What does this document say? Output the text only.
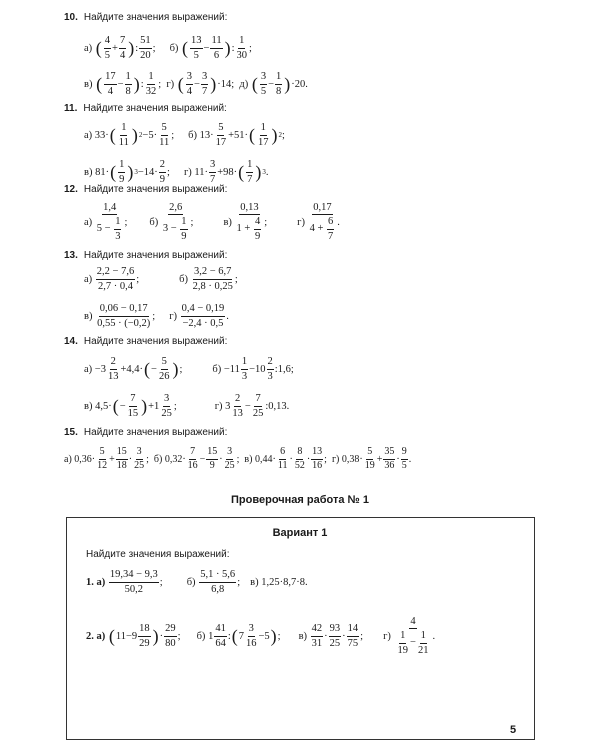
10. Найдите значения выражений:
а)
( $\frac{4}{5} + \frac{7}{4}$ ) : $\frac{51}{20}$ ; б)
( $\frac{13}{5} - \frac{11}{6}$ ) : $\frac{1}{30}$ ;
в)
( $\frac{17}{4} - \frac{1}{8}$ ) : $\frac{1}{32}$ ; г)
( $\frac{3}{4} - \frac{3}{7}$ ) ·14; д)
( $\frac{3}{5} - \frac{1}{8}$ ) ·20.
11. Найдите значения выражений:
а) 33· ( $\frac{1}{11}$ ) $2 -5\cdot \frac{5}{11}$ ; б) $13\cdot \frac{5}{17} +51\cdot$ ( $\frac{1}{17}$ ) 2 ;
в) 81· ( $\frac{1}{9}$ ) $3 -14\cdot \frac{2}{9}$ ; г) $11\cdot \frac{3}{7} +98\cdot$ ( $\frac{1}{7}$ ) 3 .
12. Найдите значения выражений:
а)
$\frac{1,4}{5 - \frac{1}{3}}$ ; б)
$\frac{2,6}{3 - \frac{1}{9}}$ ;	в)
$\frac{0,13}{1 + \frac{4}{9}}$ ;	г)
$\frac{0,17}{4 + \frac{6}{7}}$ .
13. Найдите значения выражений:
а)
$\frac{2,2 - 7,6}{2,7 \cdot 0,4}$ ;	б)
$\frac{3,2 - 6,7}{2,8 \cdot 0,25}$ ;
в)
$\frac{0,06 - 0,17}{0,55 \cdot (-0,2)}$ ; г)
$\frac{0,4 - 0,19}{-2,4 \cdot 0,5}$ .
14. Найдите значения выражений:
$а) -3 \frac{2}{13} +4,4\cdot$ ( − $\frac{5}{26}$ ) ;	$б) -11 \frac{1}{3} -10 \frac{2}{3}$ :1,6;
в) 4,5· ( − $\frac{7}{15}$ ) $+1 \frac{3}{25}$ ;	г) $3 \frac{2}{13} - \frac{7}{25}$ :0,13.
15. Найдите значения выражений:
а) $0,36\cdot \frac{5}{12} + \frac{15}{18} \cdot \frac{3}{25}$ ; б) $0,32\cdot \frac{7}{16} - \frac{15}{9} \cdot \frac{3}{25}$ ; в) $0,44\cdot \frac{6}{11} \cdot \frac{8}{52} \cdot \frac{13}{16}$ ; г) $0,38\cdot \frac{5}{19} + \frac{35}{36} \cdot \frac{9}{5}$ .
Проверочная работа № 1
Вариант 1
Найдите значения выражений:
1. а)
$\frac{19,34 - 9,3}{50,2}$ ; б)
$\frac{5,1 \cdot 5,6}{6,8}$ ; в) 1,25·8,7·8.
2. а)
( $11-9 \frac{18}{29}$ ) · $\frac{29}{80}$ ; б) $1 \frac{41}{64}$ : ( $7 \frac{3}{16} -5$ ) ; в)
$\frac{42}{31} \cdot \frac{93}{25} \cdot \frac{14}{75}$ ; г)
$\frac{4}{\frac{1}{19} - \frac{1}{21}}$ .
5
